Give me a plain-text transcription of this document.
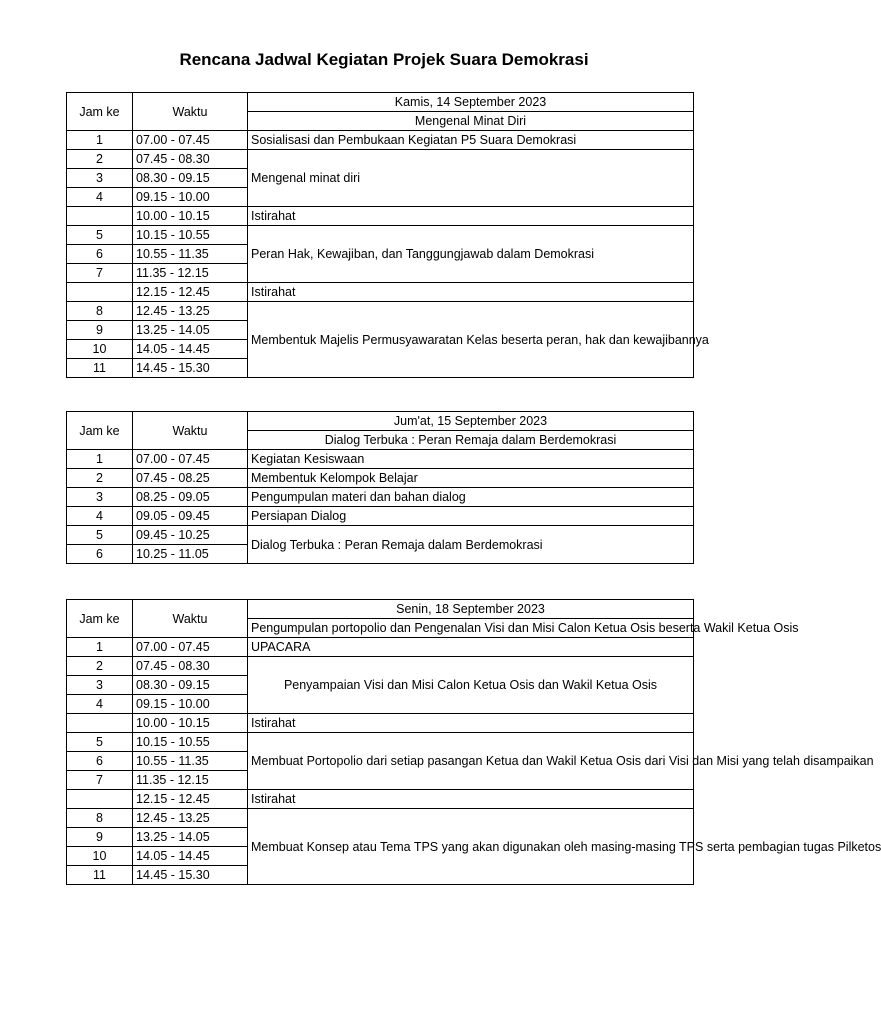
Rencana Jadwal Kegiatan Projek Suara Demokrasi
Jam ke	Waktu	Kamis, 14 September 2023
		Mengenal Minat Diri
1	07.00 - 07.45	Sosialisasi dan Pembukaan Kegiatan P5 Suara Demokrasi
2	07.45 - 08.30	Mengenal minat diri
3	08.30 - 09.15	
4	09.15 - 10.00	
	10.00 - 10.15	Istirahat
5	10.15 - 10.55	Peran Hak, Kewajiban, dan Tanggungjawab dalam Demokrasi
6	10.55 - 11.35	
7	11.35 - 12.15	
	12.15 - 12.45	Istirahat
8	12.45 - 13.25	Membentuk Majelis Permusyawaratan Kelas beserta peran, hak dan kewajibannya
9	13.25 - 14.05	
10	14.05 - 14.45	
11	14.45 - 15.30	
Jam ke	Waktu	Jum'at, 15 September 2023
		Dialog Terbuka : Peran Remaja dalam Berdemokrasi
1	07.00 - 07.45	Kegiatan Kesiswaan
2	07.45 - 08.25	Membentuk Kelompok Belajar
3	08.25 - 09.05	Pengumpulan materi dan bahan dialog
4	09.05 - 09.45	Persiapan Dialog
5	09.45 - 10.25	Dialog Terbuka : Peran Remaja dalam Berdemokrasi
6	10.25 - 11.05	
Jam ke	Waktu	Senin, 18 September 2023
		Pengumpulan portopolio dan Pengenalan Visi dan Misi Calon Ketua Osis beserta Wakil Ketua Osis
1	07.00 - 07.45	UPACARA
2	07.45 - 08.30	Penyampaian Visi dan Misi Calon Ketua Osis dan Wakil Ketua Osis
3	08.30 - 09.15	
4	09.15 - 10.00	
	10.00 - 10.15	Istirahat
5	10.15 - 10.55	Membuat Portopolio dari setiap pasangan Ketua dan Wakil Ketua Osis dari Visi dan Misi yang telah disampaikan
6	10.55 - 11.35	
7	11.35 - 12.15	
	12.15 - 12.45	Istirahat
8	12.45 - 13.25	Membuat Konsep atau Tema TPS yang akan digunakan oleh masing-masing TPS serta pembagian tugas Pilketos
9	13.25 - 14.05	
10	14.05 - 14.45	
11	14.45 - 15.30	
